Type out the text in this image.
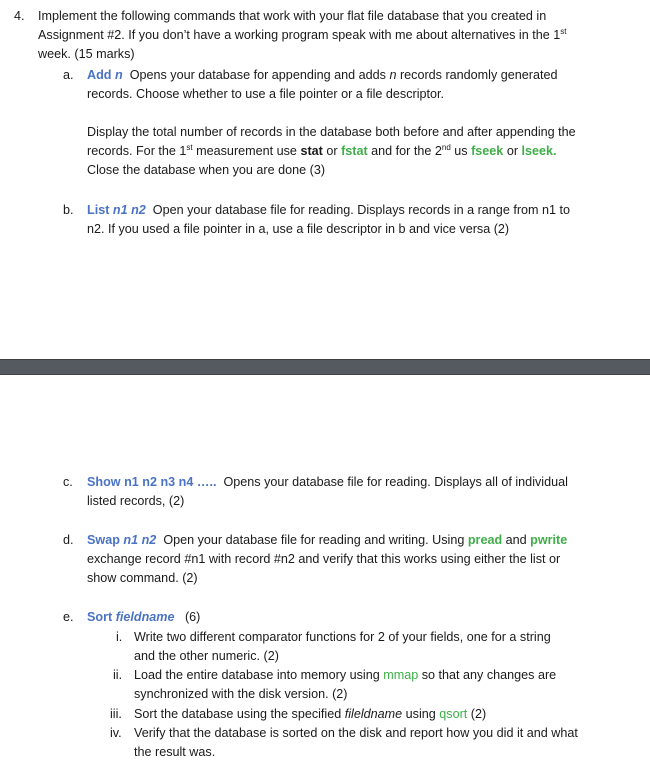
4. Implement the following commands that work with your flat file database that you created in
Assignment #2. If you don’t have a working program speak with me about alternatives in the 1st
week. (15 marks)
a. Add n Opens your database for appending and adds n records randomly generated
records. Choose whether to use a file pointer or a file descriptor.
Display the total number of records in the database both before and after appending the
records. For the 1st measurement use stat or fstat and for the 2nd us fseek or lseek.
Close the database when you are done (3)
b. List n1 n2 Open your database file for reading. Displays records in a range from n1 to
n2. If you used a file pointer in a, use a file descriptor in b and vice versa (2)
c. Show n1 n2 n3 n4 ….. Opens your database file for reading. Displays all of individual
listed records, (2)
d. Swap n1 n2 Open your database file for reading and writing. Using pread and pwrite
exchange record #n1 with record #n2 and verify that this works using either the list or
show command. (2)
e. Sort fieldname (6)
i. Write two different comparator functions for 2 of your fields, one for a string
and the other numeric. (2)
ii. Load the entire database into memory using mmap so that any changes are
synchronized with the disk version. (2)
iii. Sort the database using the specified fileldname using qsort (2)
iv. Verify that the database is sorted on the disk and report how you did it and what
the result was.
